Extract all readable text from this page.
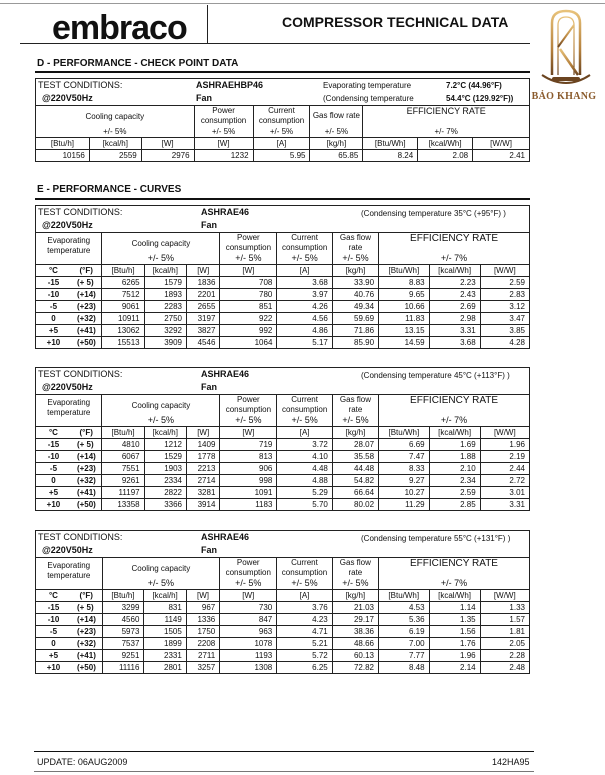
embraco	COMPRESSOR TECHNICAL DATA
BẢO KHANG
D - PERFORMANCE - CHECK POINT DATA
TEST CONDITIONS:
@220V50Hz
ASHRAEHBP46
Fan
Evaporating temperature	7.2°C (44.96°F)
(Condensing temperature	54.4°C (129.92°F))

Cooling capacity			Power consumption	Current consumption	Gas flow rate	EFFICIENCY RATE		
+/- 5%			+/- 5%	+/- 5%	+/- 5%	+/- 7%		
[Btu/h]	[kcal/h]	[W]	[W]	[A]	[kg/h]	[Btu/Wh]	[kcal/Wh]	[W/W]
10156	2559	2976	1232	5.95	65.85	8.24	2.08	2.41
E - PERFORMANCE - CURVES
TEST CONDITIONS:
@220V50Hz
ASHRAE46
Fan
(Condensing temperature 35°C (+95°F) )										

Evaporating temperature		Cooling capacity			Power consumption	Current consumption	Gas flow rate	EFFICIENCY RATE		
		+/- 5%			+/- 5%	+/- 5%	+/- 5%	+/- 7%		
°C	(°F)	[Btu/h]	[kcal/h]	[W]	[W]	[A]	[kg/h]	[Btu/Wh]	[kcal/Wh]	[W/W]
-15	(+ 5)	6265	1579	1836	708	3.68	33.90	8.83	2.23	2.59
-10	(+14)	7512	1893	2201	780	3.97	40.76	9.65	2.43	2.83
-5	(+23)	9061	2283	2655	851	4.26	49.34	10.66	2.69	3.12
0	(+32)	10911	2750	3197	922	4.56	59.69	11.83	2.98	3.47
+5	(+41)	13062	3292	3827	992	4.86	71.86	13.15	3.31	3.85
+10	(+50)	15513	3909	4546	1064	5.17	85.90	14.59	3.68	4.28
TEST CONDITIONS:
@220V50Hz
ASHRAE46
Fan
(Condensing temperature 45°C (+113°F) )										

Evaporating temperature		Cooling capacity			Power consumption	Current consumption	Gas flow rate	EFFICIENCY RATE		
		+/- 5%			+/- 5%	+/- 5%	+/- 5%	+/- 7%		
°C	(°F)	[Btu/h]	[kcal/h]	[W]	[W]	[A]	[kg/h]	[Btu/Wh]	[kcal/Wh]	[W/W]
-15	(+ 5)	4810	1212	1409	719	3.72	28.07	6.69	1.69	1.96
-10	(+14)	6067	1529	1778	813	4.10	35.58	7.47	1.88	2.19
-5	(+23)	7551	1903	2213	906	4.48	44.48	8.33	2.10	2.44
0	(+32)	9261	2334	2714	998	4.88	54.82	9.27	2.34	2.72
+5	(+41)	11197	2822	3281	1091	5.29	66.64	10.27	2.59	3.01
+10	(+50)	13358	3366	3914	1183	5.70	80.02	11.29	2.85	3.31
TEST CONDITIONS:
@220V50Hz
ASHRAE46
Fan
(Condensing temperature 55°C (+131°F) )										

Evaporating temperature		Cooling capacity			Power consumption	Current consumption	Gas flow rate	EFFICIENCY RATE		
		+/- 5%			+/- 5%	+/- 5%	+/- 5%	+/- 7%		
°C	(°F)	[Btu/h]	[kcal/h]	[W]	[W]	[A]	[kg/h]	[Btu/Wh]	[kcal/Wh]	[W/W]
-15	(+ 5)	3299	831	967	730	3.76	21.03	4.53	1.14	1.33
-10	(+14)	4560	1149	1336	847	4.23	29.17	5.36	1.35	1.57
-5	(+23)	5973	1505	1750	963	4.71	38.36	6.19	1.56	1.81
0	(+32)	7537	1899	2208	1078	5.21	48.66	7.00	1.76	2.05
+5	(+41)	9251	2331	2711	1193	5.72	60.13	7.77	1.96	2.28
+10	(+50)	11116	2801	3257	1308	6.25	72.82	8.48	2.14	2.48
UPDATE: 06AUG2009	142HA95
